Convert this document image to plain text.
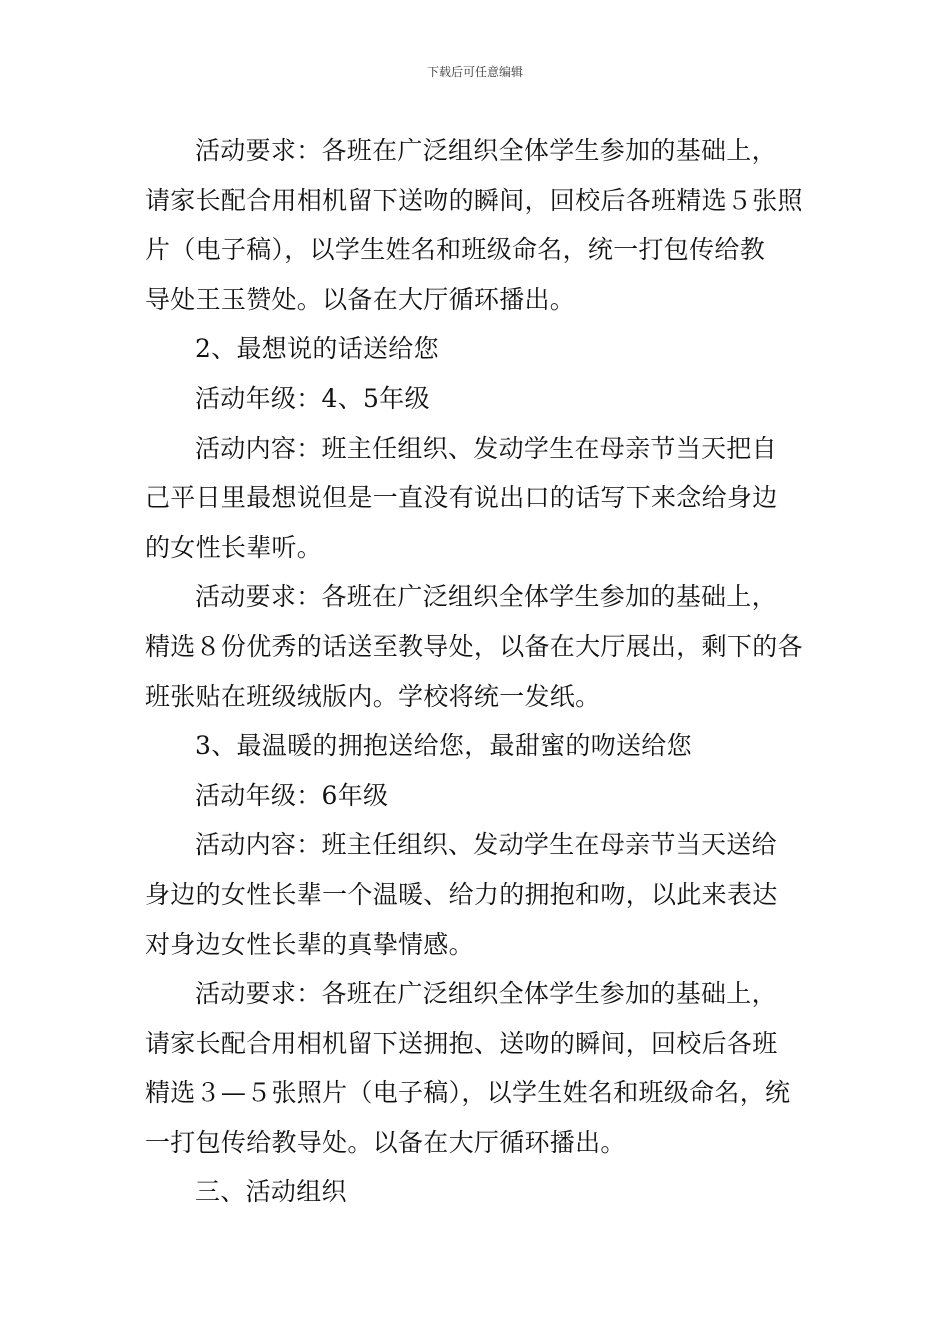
下载后可任意编辑

活动要求：各班在广泛组织全体学生参加的基础上，
请家长配合用相机留下送吻的瞬间，回校后各班精选５张照
片（电子稿），以学生姓名和班级命名，统一打包传给教
导处王玉赞处。以备在大厅循环播出。

2、最想说的话送给您

活动年级：4、5年级

活动内容：班主任组织、发动学生在母亲节当天把自
己平日里最想说但是一直没有说出口的话写下来念给身边
的女性长辈听。

活动要求：各班在广泛组织全体学生参加的基础上，
精选８份优秀的话送至教导处，以备在大厅展出，剩下的各
班张贴在班级绒版内。学校将统一发纸。

3、最温暖的拥抱送给您，最甜蜜的吻送给您

活动年级：6年级

活动内容：班主任组织、发动学生在母亲节当天送给
身边的女性长辈一个温暖、给力的拥抱和吻，以此来表达
对身边女性长辈的真挚情感。

活动要求：各班在广泛组织全体学生参加的基础上，
请家长配合用相机留下送拥抱、送吻的瞬间，回校后各班
精选３—５张照片（电子稿），以学生姓名和班级命名，统
一打包传给教导处。以备在大厅循环播出。

三、活动组织
